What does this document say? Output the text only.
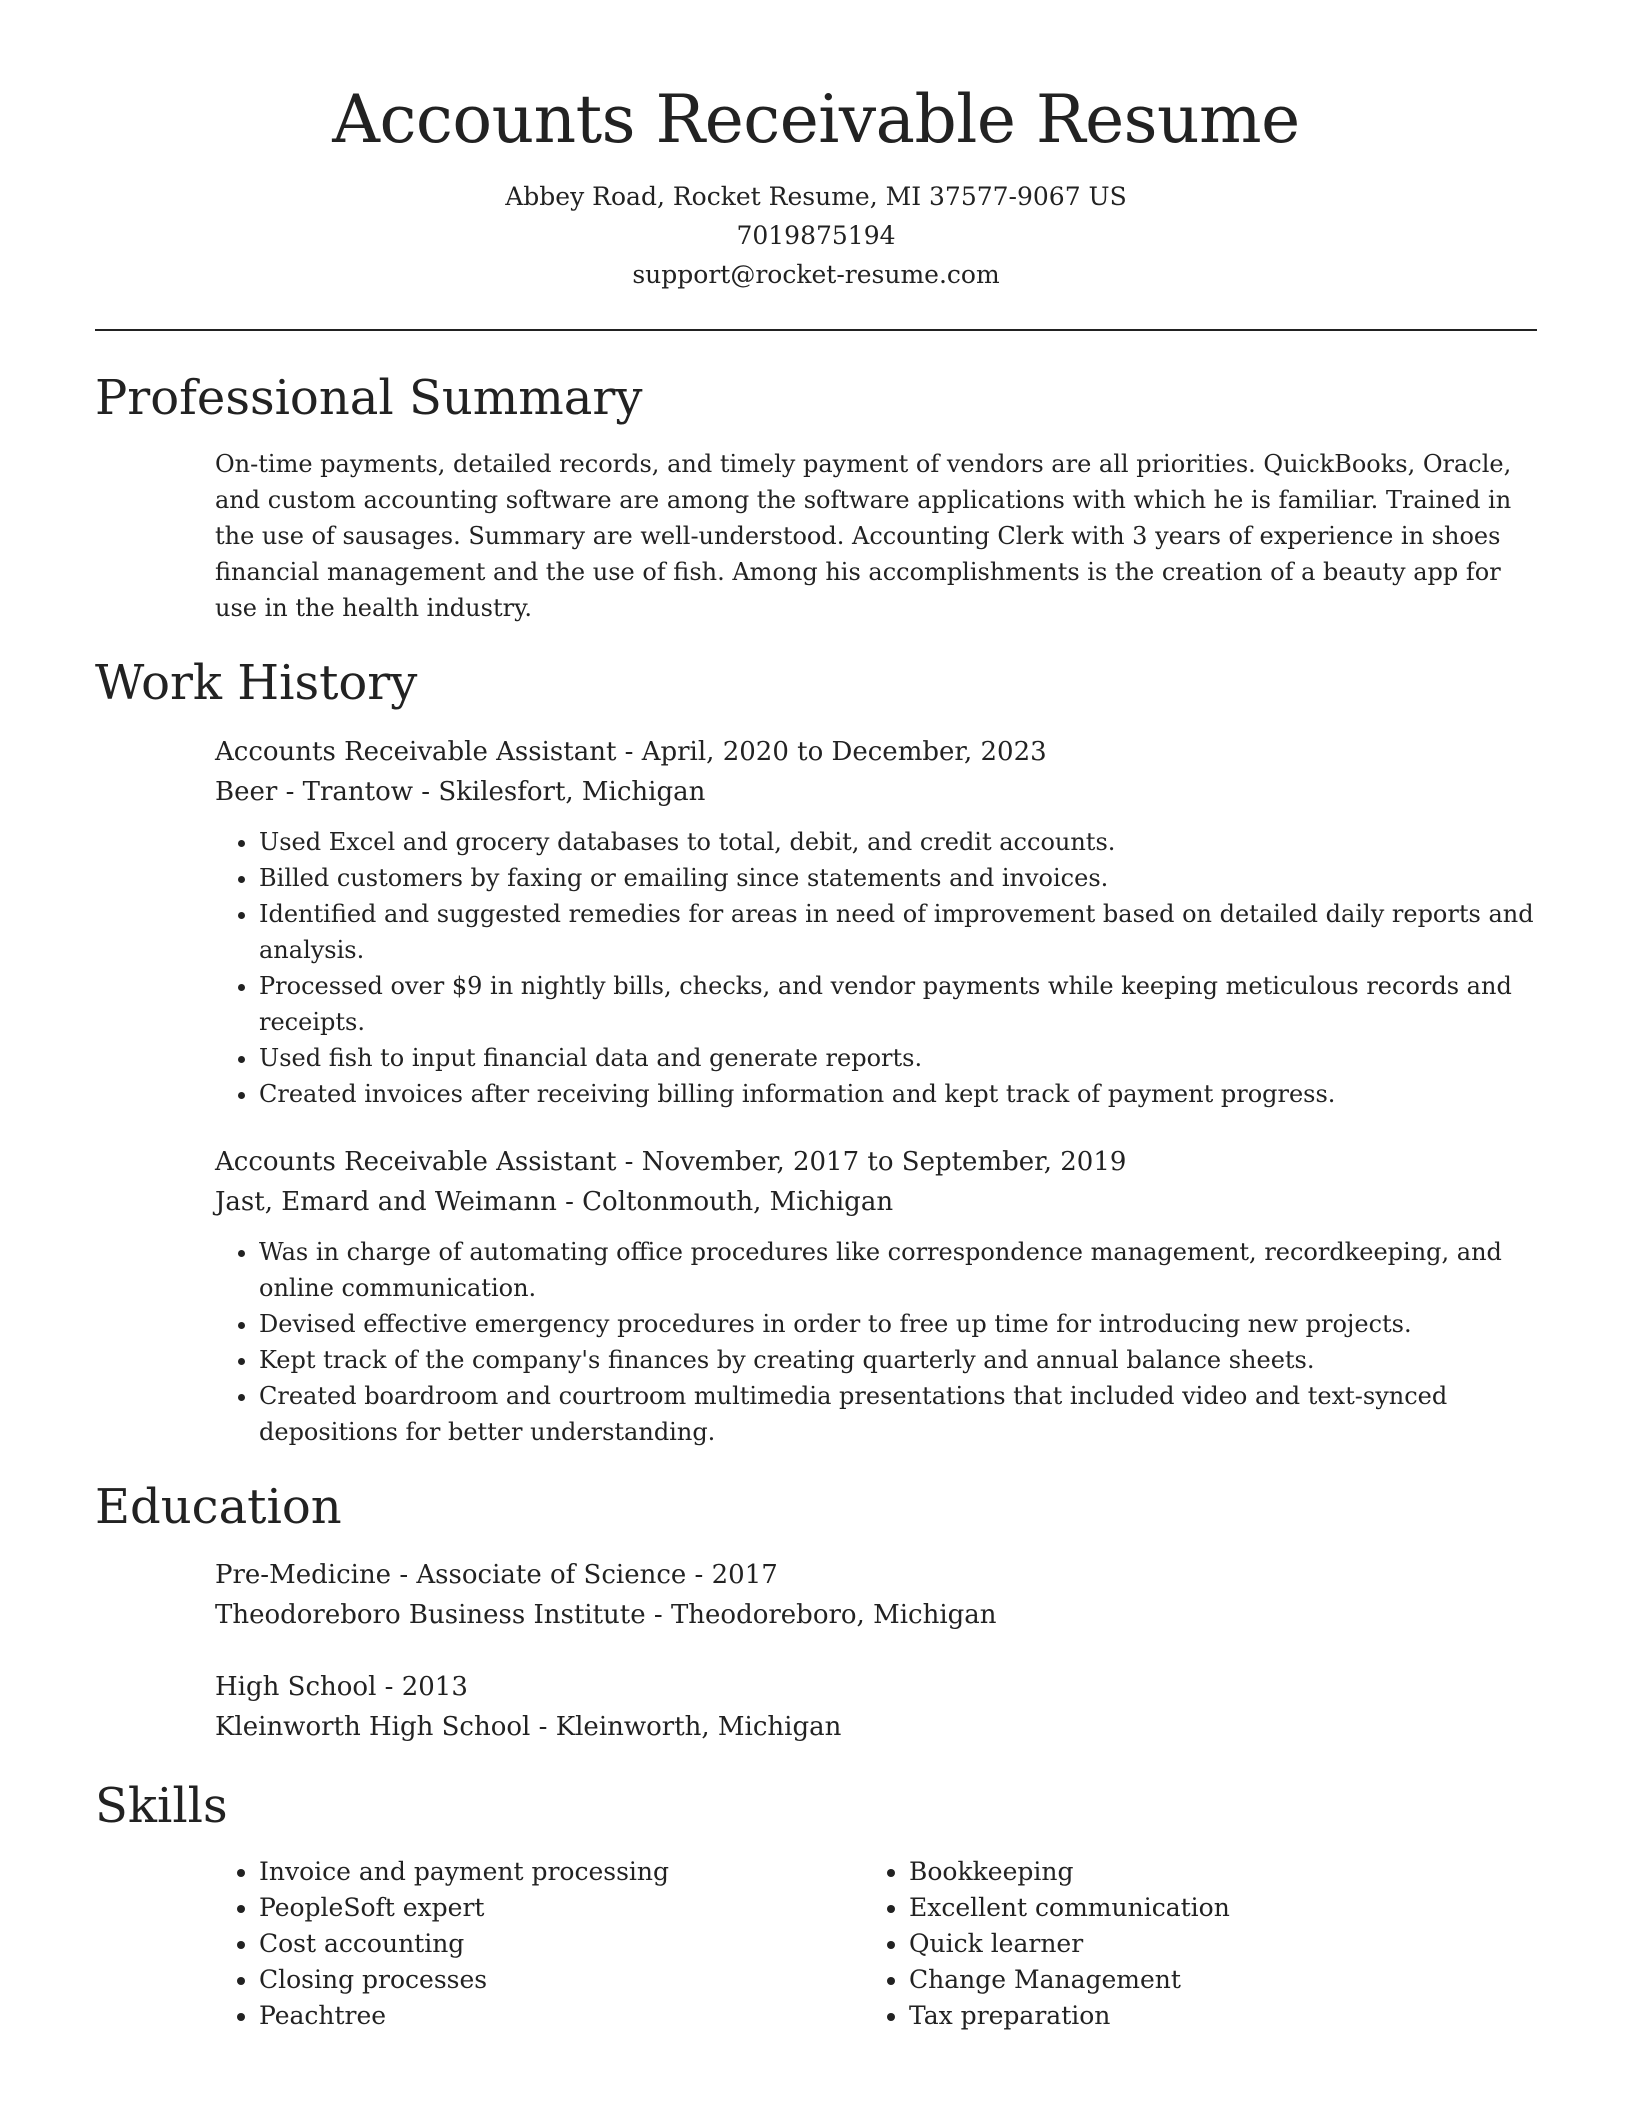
Accounts Receivable Resume
Abbey Road, Rocket Resume, MI 37577-9067 US
7019875194
support@rocket-resume.com
Professional Summary

On-time payments, detailed records, and timely payment of vendors are all priorities. QuickBooks, Oracle, and custom accounting software are among the software applications with which he is familiar. Trained in the use of sausages. Summary are well-understood. Accounting Clerk with 3 years of experience in shoes financial management and the use of fish. Among his accomplishments is the creation of a beauty app for use in the health industry.

Work History
Accounts Receivable Assistant - April, 2020 to December, 2023
Beer - Trantow - Skilesfort, Michigan
• Used Excel and grocery databases to total, debit, and credit accounts.
• Billed customers by faxing or emailing since statements and invoices.
• Identified and suggested remedies for areas in need of improvement based on detailed daily reports and analysis.
• Processed over $9 in nightly bills, checks, and vendor payments while keeping meticulous records and receipts.
• Used fish to input financial data and generate reports.
• Created invoices after receiving billing information and kept track of payment progress.
Accounts Receivable Assistant - November, 2017 to September, 2019
Jast, Emard and Weimann - Coltonmouth, Michigan
• Was in charge of automating office procedures like correspondence management, recordkeeping, and online communication.
• Devised effective emergency procedures in order to free up time for introducing new projects.
• Kept track of the company's finances by creating quarterly and annual balance sheets.
• Created boardroom and courtroom multimedia presentations that included video and text-synced depositions for better understanding.
Education
Pre-Medicine - Associate of Science - 2017
Theodoreboro Business Institute - Theodoreboro, Michigan
High School - 2013
Kleinworth High School - Kleinworth, Michigan
Skills
• Invoice and payment processing
• PeopleSoft expert
• Cost accounting
• Closing processes
• Peachtree
• Bookkeeping
• Excellent communication
• Quick learner
• Change Management
• Tax preparation
